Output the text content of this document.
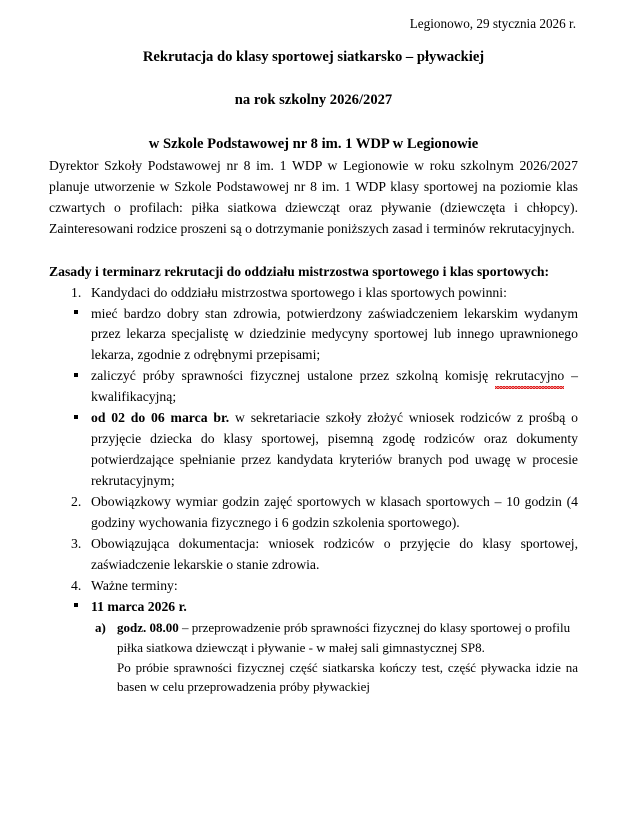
Legionowo, 29 stycznia 2026 r.

Rekrutacja do klasy sportowej siatkarsko – pływackiej
na rok szkolny 2026/2027
w Szkole Podstawowej nr 8 im. 1 WDP w Legionowie

Dyrektor Szkoły Podstawowej nr 8 im. 1 WDP w Legionowie w roku szkolnym 2026/2027 planuje utworzenie w Szkole Podstawowej nr 8 im. 1 WDP klasy sportowej na poziomie klas czwartych o profilach: piłka siatkowa dziewcząt oraz pływanie (dziewczęta i chłopcy). Zainteresowani rodzice proszeni są o dotrzymanie poniższych zasad i terminów rekrutacyjnych.

Zasady i terminarz rekrutacji do oddziału mistrzostwa sportowego i klas sportowych:

1. Kandydaci do oddziału mistrzostwa sportowego i klas sportowych powinni:
mieć bardzo dobry stan zdrowia, potwierdzony zaświadczeniem lekarskim wydanym przez lekarza specjalistę w dziedzinie medycyny sportowej lub innego uprawnionego lekarza, zgodnie z odrębnymi przepisami;
zaliczyć próby sprawności fizycznej ustalone przez szkolną komisję rekrutacyjno – kwalifikacyjną;
od 02 do 06 marca br. w sekretariacie szkoły złożyć wniosek rodziców z prośbą o przyjęcie dziecka do klasy sportowej, pisemną zgodę rodziców oraz dokumenty potwierdzające spełnianie przez kandydata kryteriów branych pod uwagę w procesie rekrutacyjnym;
2. Obowiązkowy wymiar godzin zajęć sportowych w klasach sportowych – 10 godzin (4 godziny wychowania fizycznego i 6 godzin szkolenia sportowego).
3. Obowiązująca dokumentacja: wniosek rodziców o przyjęcie do klasy sportowej, zaświadczenie lekarskie o stanie zdrowia.
4. Ważne terminy:
11 marca 2026 r.
a) godz. 08.00 – przeprowadzenie prób sprawności fizycznej do klasy sportowej o profilu piłka siatkowa dziewcząt i pływanie - w małej sali gimnastycznej SP8.

Po próbie sprawności fizycznej część siatkarska kończy test, część pływacka idzie na basen w celu przeprowadzenia próby pływackiej
